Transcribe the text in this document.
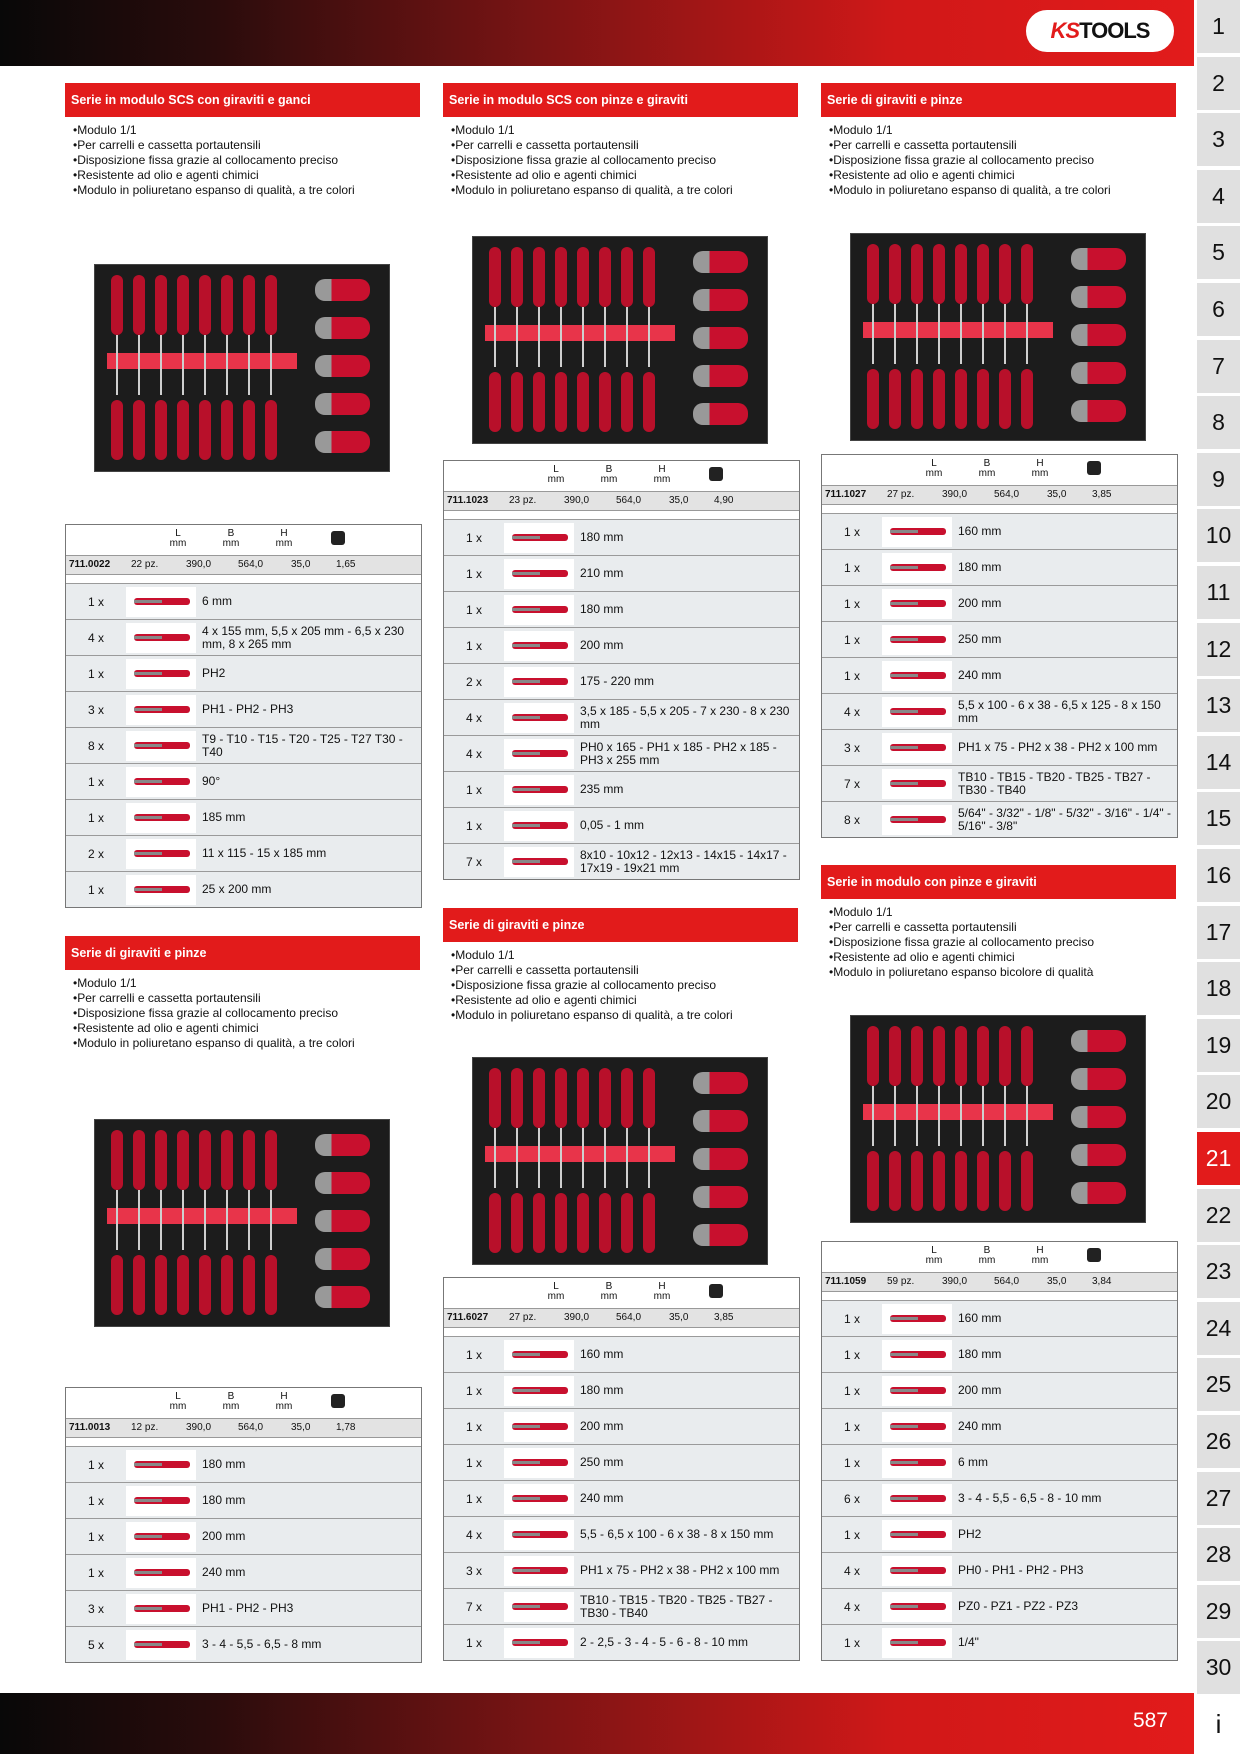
KSTOOLS
587
1
2
3
4
5
6
7
8
9
10
11
12
13
14
15
16
17
18
19
20
21
22
23
24
25
26
27
28
29
30
i
Serie in modulo SCS con giraviti e ganci
• Modulo 1/1
• Per carrelli e cassetta portautensili
• Disposizione fissa grazie al collocamento preciso
• Resistente ad olio e agenti chimici
• Modulo in poliuretano espanso di qualità, a tre colori
Serie in modulo SCS con pinze e giraviti
• Modulo 1/1
• Per carrelli e cassetta portautensili
• Disposizione fissa grazie al collocamento preciso
• Resistente ad olio e agenti chimici
• Modulo in poliuretano espanso di qualità, a tre colori
Serie di giraviti e pinze
• Modulo 1/1
• Per carrelli e cassetta portautensili
• Disposizione fissa grazie al collocamento preciso
• Resistente ad olio e agenti chimici
• Modulo in poliuretano espanso di qualità, a tre colori
Serie di giraviti e pinze
• Modulo 1/1
• Per carrelli e cassetta portautensili
• Disposizione fissa grazie al collocamento preciso
• Resistente ad olio e agenti chimici
• Modulo in poliuretano espanso di qualità, a tre colori
Serie di giraviti e pinze
• Modulo 1/1
• Per carrelli e cassetta portautensili
• Disposizione fissa grazie al collocamento preciso
• Resistente ad olio e agenti chimici
• Modulo in poliuretano espanso di qualità, a tre colori
Serie in modulo con pinze e giraviti
• Modulo 1/1
• Per carrelli e cassetta portautensili
• Disposizione fissa grazie al collocamento preciso
• Resistente ad olio e agenti chimici
• Modulo in poliuretano espanso bicolore di qualità
L
mm
B
mm
H
mm
711.0022 22 pz.	390,0	564,0	35,0	1,65
1 x	6 mm
4 x	4 x 155 mm, 5,5 x 205 mm - 6,5 x 230 mm, 8 x 265 mm
1 x	PH2
3 x	PH1 - PH2 - PH3
8 x	T9 - T10 - T15 - T20 - T25 - T27 T30 - T40
1 x	90°
1 x	185 mm
2 x	11 x 115 - 15 x 185 mm
1 x	25 x 200 mm
L
mm
B
mm
H
mm
711.1023 23 pz.	390,0	564,0	35,0	4,90
1 x	180 mm
1 x	210 mm
1 x	180 mm
1 x	200 mm
2 x	175 - 220 mm
4 x	3,5 x 185 - 5,5 x 205 - 7 x 230 - 8 x 230 mm
4 x	PH0 x 165 - PH1 x 185 - PH2 x 185 - PH3 x 255 mm
1 x	235 mm
1 x	0,05 - 1 mm
7 x	8x10 - 10x12 - 12x13 - 14x15 - 14x17 - 17x19 - 19x21 mm
L
mm
B
mm
H
mm
711.1027 27 pz.	390,0	564,0	35,0	3,85
1 x	160 mm
1 x	180 mm
1 x	200 mm
1 x	250 mm
1 x	240 mm
4 x	5,5 x 100 - 6 x 38 - 6,5 x 125 - 8 x 150 mm
3 x	PH1 x 75 - PH2 x 38 - PH2 x 100 mm
7 x	TB10 - TB15 - TB20 - TB25 - TB27 - TB30 - TB40
8 x	5/64" - 3/32" - 1/8" - 5/32" - 3/16" - 1/4" - 5/16" - 3/8"
L
mm
B
mm
H
mm
711.0013 12 pz.	390,0	564,0	35,0	1,78
1 x	180 mm
1 x	180 mm
1 x	200 mm
1 x	240 mm
3 x	PH1 - PH2 - PH3
5 x	3 - 4 - 5,5 - 6,5 - 8 mm
L
mm
B
mm
H
mm
711.6027 27 pz.	390,0	564,0	35,0	3,85
1 x	160 mm
1 x	180 mm
1 x	200 mm
1 x	250 mm
1 x	240 mm
4 x	5,5 - 6,5 x 100 - 6 x 38 - 8 x 150 mm
3 x	PH1 x 75 - PH2 x 38 - PH2 x 100 mm
7 x	TB10 - TB15 - TB20 - TB25 - TB27 - TB30 - TB40
1 x	2 - 2,5 - 3 - 4 - 5 - 6 - 8 - 10 mm
L
mm
B
mm
H
mm
711.1059 59 pz.	390,0	564,0	35,0	3,84
1 x	160 mm
1 x	180 mm
1 x	200 mm
1 x	240 mm
1 x	6 mm
6 x	3 - 4 - 5,5 - 6,5 - 8 - 10 mm
1 x	PH2
4 x	PH0 - PH1 - PH2 - PH3
4 x	PZ0 - PZ1 - PZ2 - PZ3
1 x	1/4"
